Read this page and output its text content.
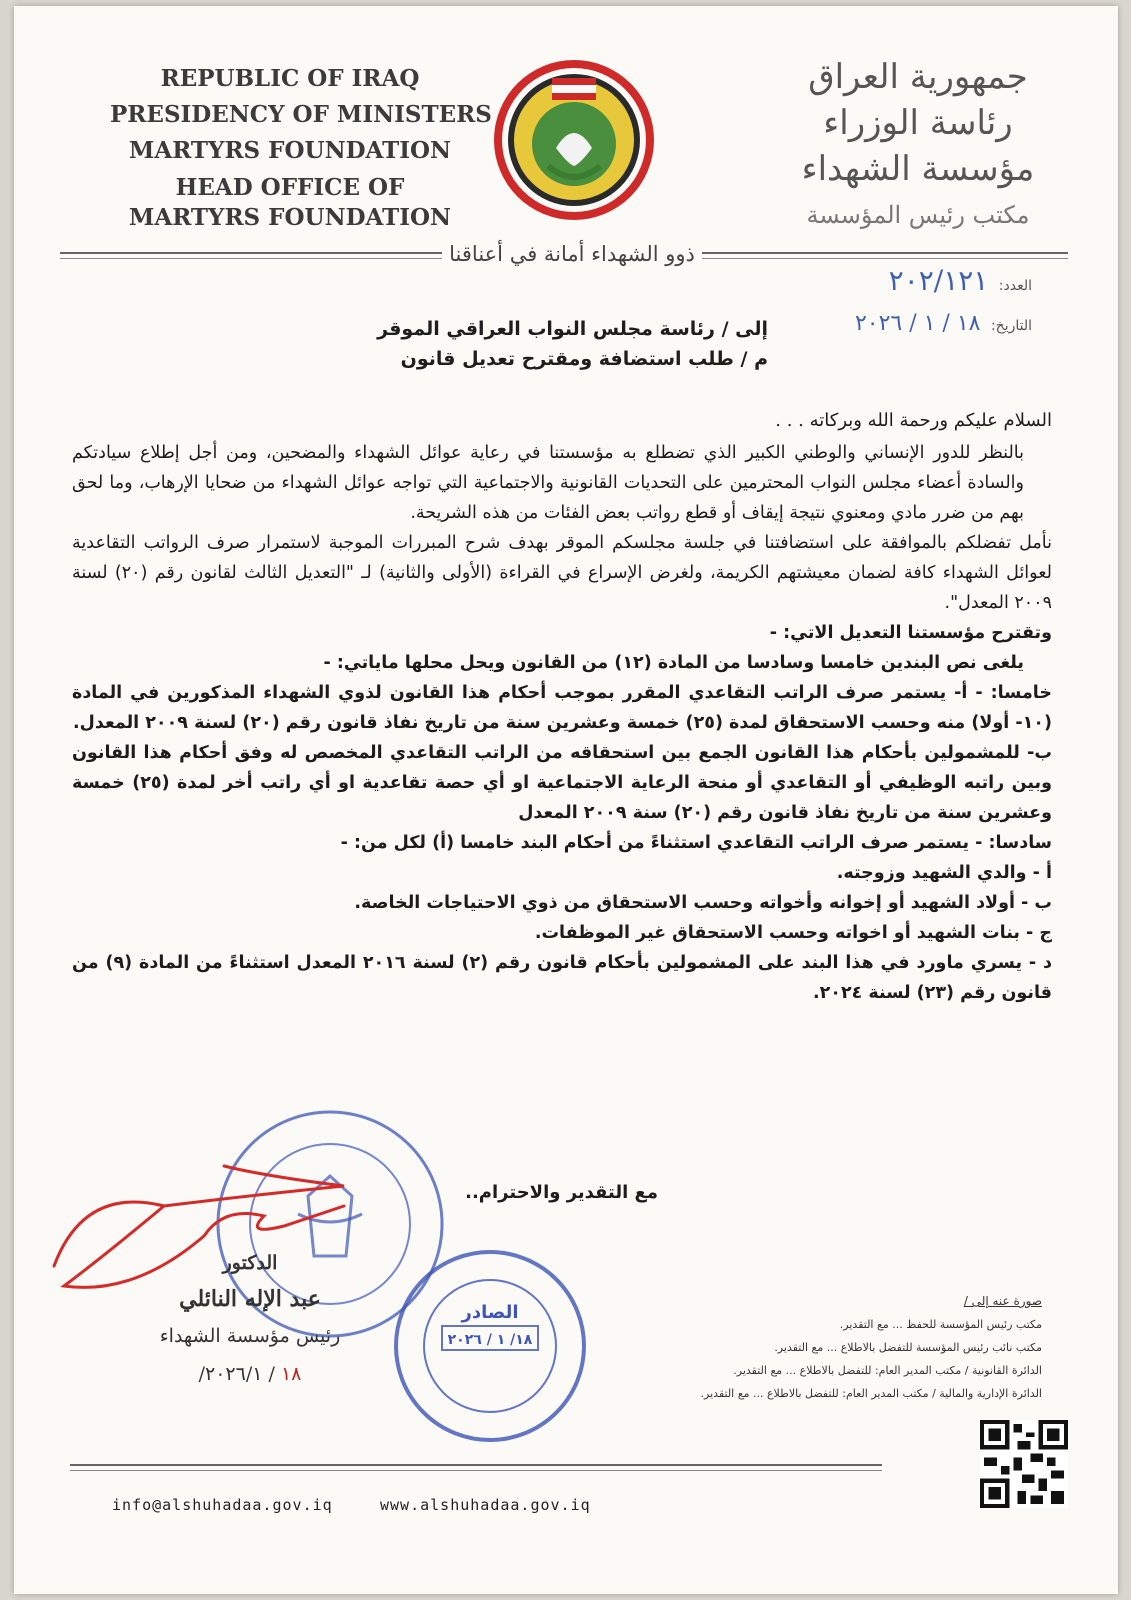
REPUBLIC OF IRAQ
PRESIDENCY OF MINISTERS
MARTYRS FOUNDATION
HEAD OFFICE OF
MARTYRS FOUNDATION
جمهورية العراق
رئاسة الوزراء
مؤسسة الشهداء
مكتب رئيس المؤسسة
ذوو الشهداء أمانة في أعناقنا
العدد: ٢٠٢/١٢١
التاريخ: ١٨ / ١ / ٢٠٢٦
إلى / رئاسة مجلس النواب العراقي الموقر
م / طلب استضافة ومقترح تعديل قانون

السلام عليكم ورحمة الله وبركاته . . .

بالنظر للدور الإنساني والوطني الكبير الذي تضطلع به مؤسستنا في رعاية عوائل الشهداء والمضحين، ومن أجل إطلاع سيادتكم والسادة أعضاء مجلس النواب المحترمين على التحديات القانونية والاجتماعية التي تواجه عوائل الشهداء من ضحايا الإرهاب، وما لحق بهم من ضرر مادي ومعنوي نتيجة إيقاف أو قطع رواتب بعض الفئات من هذه الشريحة.

نأمل تفضلكم بالموافقة على استضافتنا في جلسة مجلسكم الموقر بهدف شرح المبررات الموجبة لاستمرار صرف الرواتب التقاعدية لعوائل الشهداء كافة لضمان معيشتهم الكريمة، ولغرض الإسراع في القراءة (الأولى والثانية) لـ "التعديل الثالث لقانون رقم (٢٠) لسنة ٢٠٠٩ المعدل".

وتقترح مؤسستنا التعديل الاتي: -

يلغى نص البندين خامسا وسادسا من المادة (١٢) من القانون ويحل محلها ماياتي: -

خامسا: - أ- يستمر صرف الراتب التقاعدي المقرر بموجب أحكام هذا القانون لذوي الشهداء المذكورين في المادة (١٠- أولا) منه وحسب الاستحقاق لمدة (٢٥) خمسة وعشرين سنة من تاريخ نفاذ قانون رقم (٢٠) لسنة ٢٠٠٩ المعدل.

ب- للمشمولين بأحكام هذا القانون الجمع بين استحقاقه من الراتب التقاعدي المخصص له وفق أحكام هذا القانون وبين راتبه الوظيفي أو التقاعدي أو منحة الرعاية الاجتماعية او أي حصة تقاعدية او أي راتب أخر لمدة (٢٥) خمسة وعشرين سنة من تاريخ نفاذ قانون رقم (٢٠) سنة ٢٠٠٩ المعدل

سادسا: - يستمر صرف الراتب التقاعدي استثناءً من أحكام البند خامسا (أ) لكل من: -

أ - والدي الشهيد وزوجته.

ب - أولاد الشهيد أو إخوانه وأخواته وحسب الاستحقاق من ذوي الاحتياجات الخاصة.

ج - بنات الشهيد أو اخواته وحسب الاستحقاق غير الموظفات.

د - يسري ماورد في هذا البند على المشمولين بأحكام قانون رقم (٢) لسنة ٢٠١٦ المعدل استثناءً من المادة (٩) من قانون رقم (٢٣) لسنة ٢٠٢٤.

مع التقدير والاحترام..
الدكتور
عبد الإله النائلي
رئيس مؤسسة الشهداء
١٨ / ٢٠٢٦/١/
الصادر
١٨/ ١ / ٢٠٢٦
صورة عنه إلى /
مكتب رئيس المؤسسة للحفظ ... مع التقدير.
مكتب نائب رئيس المؤسسة للتفضل بالاطلاع ... مع التقدير.
الدائرة القانونية / مكتب المدير العام: للتفضل بالاطلاع ... مع التقدير.
الدائرة الإدارية والمالية / مكتب المدير العام: للتفضل بالاطلاع ... مع التقدير.
info@alshuhadaa.gov.iq	www.alshuhadaa.gov.iq
